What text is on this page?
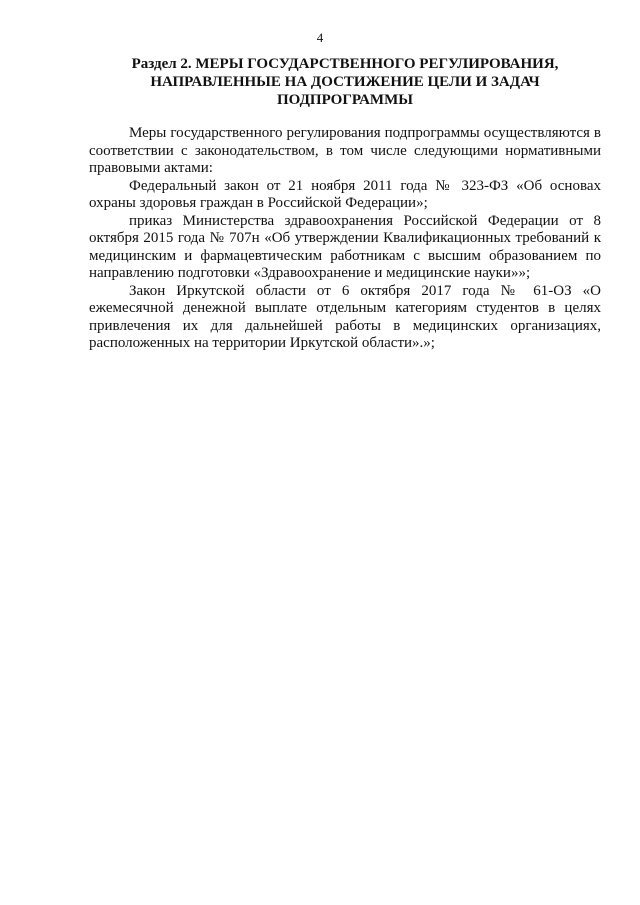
4
Раздел 2. МЕРЫ ГОСУДАРСТВЕННОГО РЕГУЛИРОВАНИЯ,
НАПРАВЛЕННЫЕ НА ДОСТИЖЕНИЕ ЦЕЛИ И ЗАДАЧ
ПОДПРОГРАММЫ

Меры государственного регулирования подпрограммы осуществляются в соответствии с законодательством, в том числе следующими нормативными правовыми актами:

Федеральный закон от 21 ноября 2011 года № 323-ФЗ «Об основах охраны здоровья граждан в Российской Федерации»;

приказ Министерства здравоохранения Российской Федерации от 8 октября 2015 года № 707н «Об утверждении Квалификационных требований к медицинским и фармацевтическим работникам с высшим образованием по направлению подготовки «Здравоохранение и медицинские науки»»;

Закон Иркутской области от 6 октября 2017 года № 61-ОЗ «О ежемесячной денежной выплате отдельным категориям студентов в целях привлечения их для дальнейшей работы в медицинских организациях, расположенных на территории Иркутской области».»;
